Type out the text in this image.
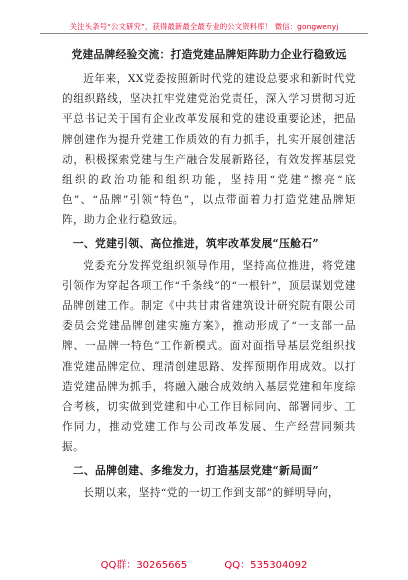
关注头条号“公文研究”，获得最新最全最专业的公文资料库！ 微信：gongwenyj
党建品牌经验交流：打造党建品牌矩阵助力企业行稳致远

近年来，XX党委按照新时代党的建设总要求和新时代党的组织路线，坚决扛牢党建党治党责任，深入学习贯彻习近平总书记关于国有企业改革发展和党的建设重要论述，把品牌创建作为提升党建工作质效的有力抓手，扎实开展创建活动，积极探索党建与生产融合发展新路径，有效发挥基层党组织的政治功能和组织功能，坚持用“党建”擦亮“底色”、“品牌”引领“特色”，以点带面着力打造党建品牌矩阵，助力企业行稳致远。

一、党建引领、高位推进，筑牢改革发展“压舱石”

党委充分发挥党组织领导作用，坚持高位推进，将党建引领作为穿起各项工作“千条线”的“一根针”，顶层谋划党建品牌创建工作。制定《中共甘肃省建筑设计研究院有限公司委员会党建品牌创建实施方案》，推动形成了“一支部一品牌、一品牌一特色”工作新模式。面对面指导基层党组织找准党建品牌定位、理清创建思路、发挥预期作用成效。以打造党建品牌为抓手，将融入融合成效纳入基层党建和年度综合考核，切实做到党建和中心工作目标同向、部署同步、工作同力，推动党建工作与公司改革发展、生产经营同频共振。

二、品牌创建、多维发力，打造基层党建“新局面”

长期以来，坚持“党的一切工作到支部”的鲜明导向，

QQ群：30265665	QQ：535304092
